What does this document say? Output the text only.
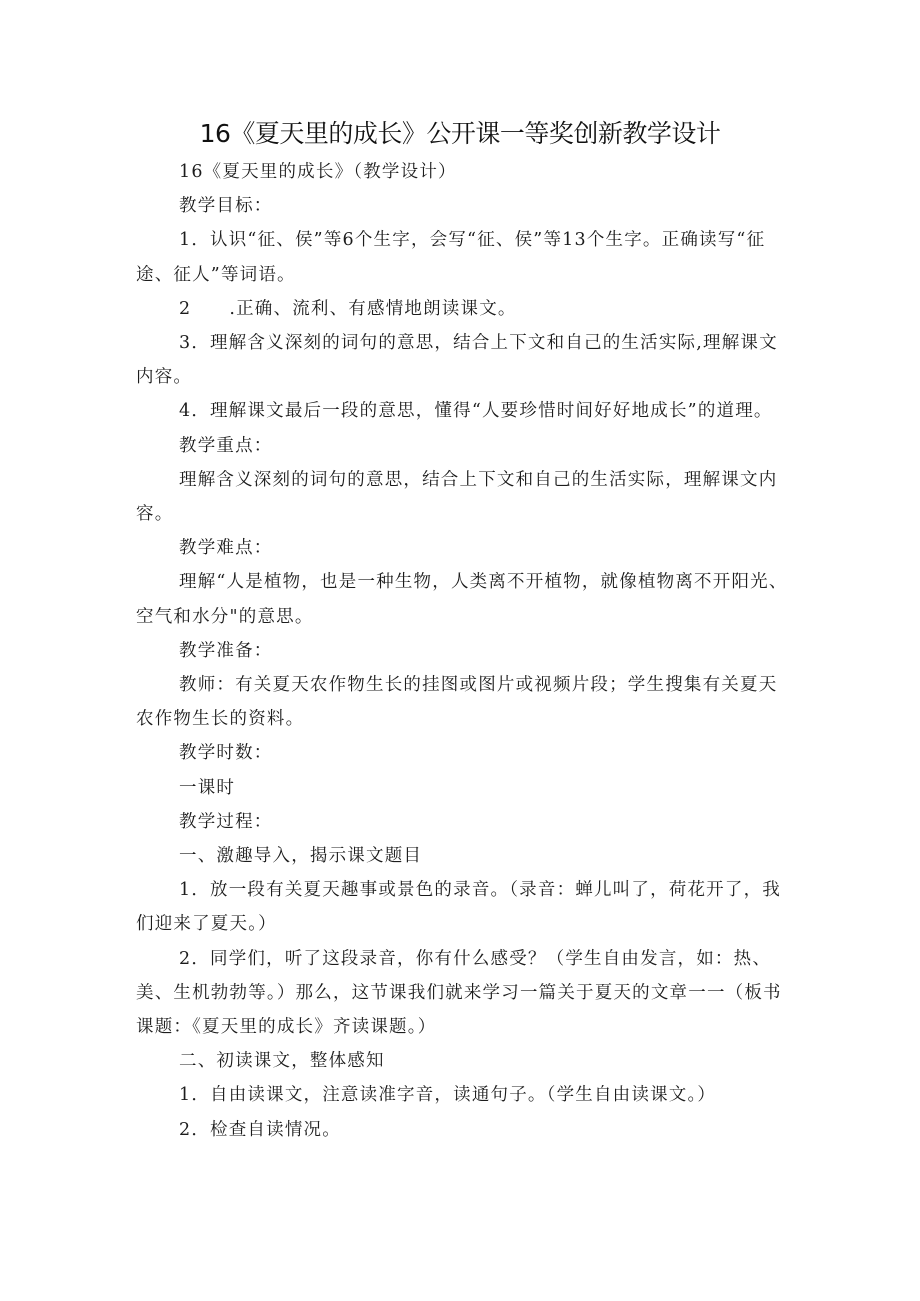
16《夏天里的成长》公开课一等奖创新教学设计

16《夏天里的成长》（教学设计）

教学目标：

1．认识“征、侯”等6个生字，会写“征、侯”等13个生字。正确读写“征途、征人”等词语。

2 .正确、流利、有感情地朗读课文。

3．理解含义深刻的词句的意思，结合上下文和自己的生活实际,理解课文内容。

4．理解课文最后一段的意思，懂得“人要珍惜时间好好地成长”的道理。

教学重点：

理解含义深刻的词句的意思，结合上下文和自己的生活实际，理解课文内容。

教学难点：

理解“人是植物，也是一种生物，人类离不开植物，就像植物离不开阳光、空气和水分"的意思。

教学准备：

教师：有关夏天农作物生长的挂图或图片或视频片段；学生搜集有关夏天农作物生长的资料。

教学时数：

一课时

教学过程：

一、激趣导入，揭示课文题目

1．放一段有关夏天趣事或景色的录音。（录音：蝉儿叫了，荷花开了，我们迎来了夏天。）

2．同学们，听了这段录音，你有什么感受？（学生自由发言，如：热、美、生机勃勃等。）那么，这节课我们就来学习一篇关于夏天的文章一一（板书课题：《夏天里的成长》齐读课题。）

二、初读课文，整体感知

1．自由读课文，注意读准字音，读通句子。（学生自由读课文。）

2．检查自读情况。
